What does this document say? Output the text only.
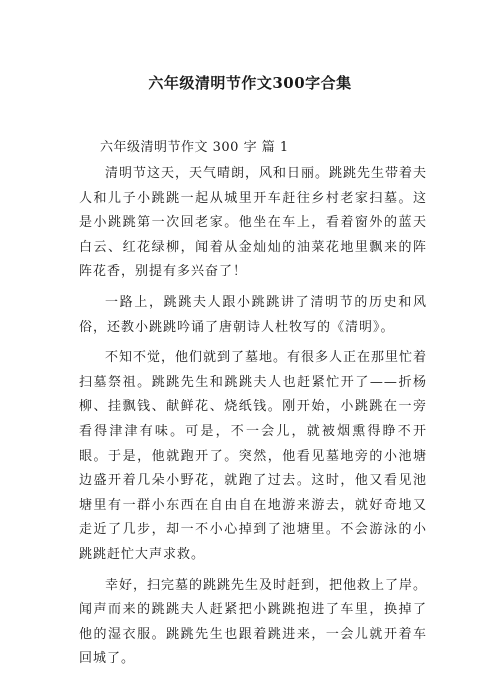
六年级清明节作文300字合集
六年级清明节作文 300 字 篇 1

清明节这天，天气晴朗，风和日丽。跳跳先生带着夫人和儿子小跳跳一起从城里开车赶往乡村老家扫墓。这是小跳跳第一次回老家。他坐在车上，看着窗外的蓝天白云、红花绿柳，闻着从金灿灿的油菜花地里飘来的阵阵花香，别提有多兴奋了！

一路上，跳跳夫人跟小跳跳讲了清明节的历史和风俗，还教小跳跳吟诵了唐朝诗人杜牧写的《清明》。

不知不觉，他们就到了墓地。有很多人正在那里忙着扫墓祭祖。跳跳先生和跳跳夫人也赶紧忙开了——折杨柳、挂飘钱、献鲜花、烧纸钱。刚开始，小跳跳在一旁看得津津有味。可是，不一会儿，就被烟熏得睁不开眼。于是，他就跑开了。突然，他看见墓地旁的小池塘边盛开着几朵小野花，就跑了过去。这时，他又看见池塘里有一群小东西在自由自在地游来游去，就好奇地又走近了几步，却一不小心掉到了池塘里。不会游泳的小跳跳赶忙大声求救。

幸好，扫完墓的跳跳先生及时赶到，把他救上了岸。闻声而来的跳跳夫人赶紧把小跳跳抱进了车里，换掉了他的湿衣服。跳跳先生也跟着跳进来，一会儿就开着车回城了。
